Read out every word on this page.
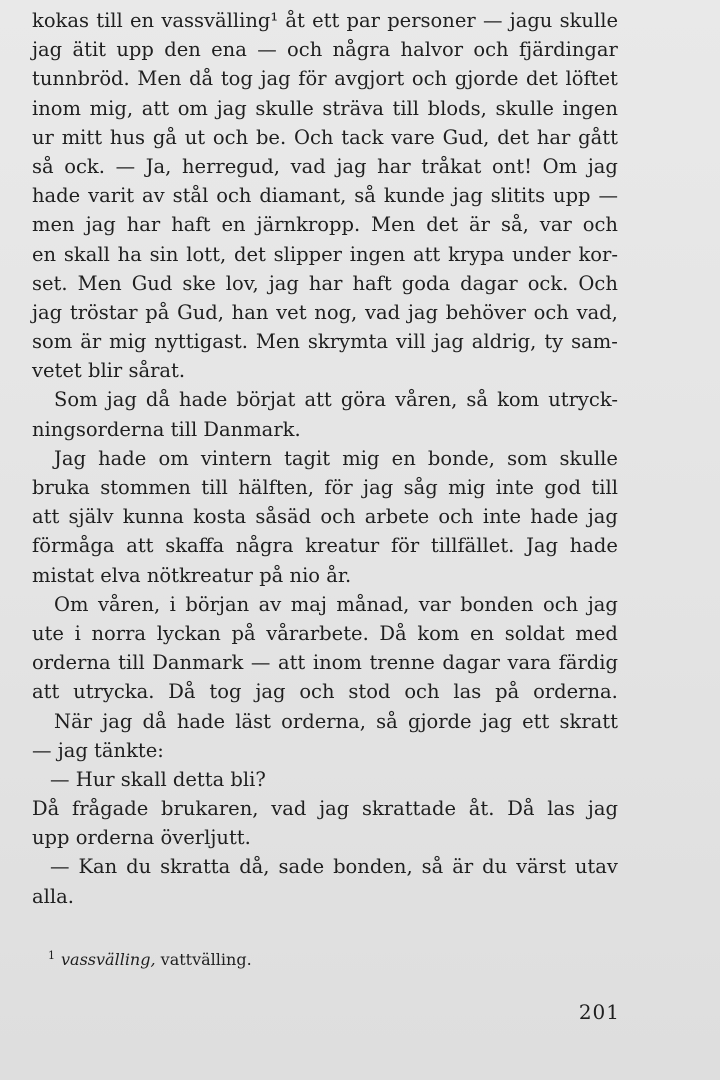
kokas till en vassvälling¹ åt ett par personer — jagu skulle
jag ätit upp den ena — och några halvor och fjärdingar
tunnbröd. Men då tog jag för avgjort och gjorde det löftet
inom mig, att om jag skulle sträva till blods, skulle ingen
ur mitt hus gå ut och be. Och tack vare Gud, det har gått
så ock. — Ja, herregud, vad jag har tråkat ont! Om jag
hade varit av stål och diamant, så kunde jag slitits upp —
men jag har haft en järnkropp. Men det är så, var och
en skall ha sin lott, det slipper ingen att krypa under kor-
set. Men Gud ske lov, jag har haft goda dagar ock. Och
jag tröstar på Gud, han vet nog, vad jag behöver och vad,
som är mig nyttigast. Men skrymta vill jag aldrig, ty sam-
vetet blir sårat.
Som jag då hade börjat att göra våren, så kom utryck-
ningsorderna till Danmark.
Jag hade om vintern tagit mig en bonde, som skulle
bruka stommen till hälften, för jag såg mig inte god till
att själv kunna kosta såsäd och arbete och inte hade jag
förmåga att skaffa några kreatur för tillfället. Jag hade
mistat elva nötkreatur på nio år.
Om våren, i början av maj månad, var bonden och jag
ute i norra lyckan på vårarbete. Då kom en soldat med
orderna till Danmark — att inom trenne dagar vara färdig
att utrycka. Då tog jag och stod och las på orderna.
När jag då hade läst orderna, så gjorde jag ett skratt
— jag tänkte:
— Hur skall detta bli?
Då frågade brukaren, vad jag skrattade åt. Då las jag
upp orderna överljutt.
— Kan du skratta då, sade bonden, så är du värst utav
alla.
$^1$ vassvälling, vattvälling.
201
